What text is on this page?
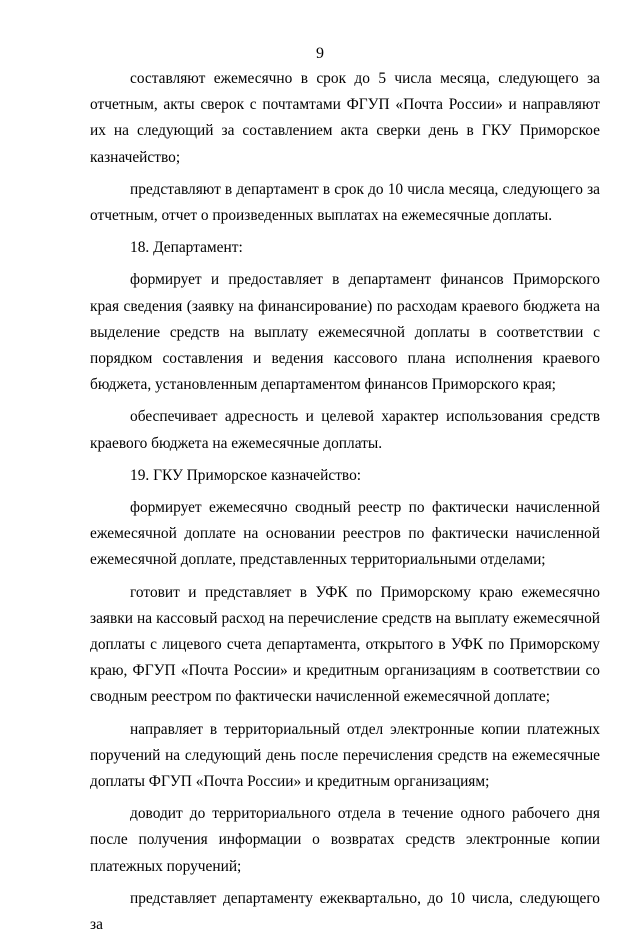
9

составляют ежемесячно в срок до 5 числа месяца, следующего за отчетным, акты сверок с почтамтами ФГУП «Почта России» и направляют их на следующий за составлением акта сверки день в ГКУ Приморское казначейство;

представляют в департамент в срок до 10 числа месяца, следующего за отчетным, отчет о произведенных выплатах на ежемесячные доплаты.

18. Департамент:

формирует и предоставляет в департамент финансов Приморского края сведения (заявку на финансирование) по расходам краевого бюджета на выделение средств на выплату ежемесячной доплаты в соответствии с порядком составления и ведения кассового плана исполнения краевого бюджета, установленным департаментом финансов Приморского края;

обеспечивает адресность и целевой характер использования средств краевого бюджета на ежемесячные доплаты.

19. ГКУ Приморское казначейство:

формирует ежемесячно сводный реестр по фактически начисленной ежемесячной доплате на основании реестров по фактически начисленной ежемесячной доплате, представленных территориальными отделами;

готовит и представляет в УФК по Приморскому краю ежемесячно заявки на кассовый расход на перечисление средств на выплату ежемесячной доплаты с лицевого счета департамента, открытого в УФК по Приморскому краю, ФГУП «Почта России» и кредитным организациям в соответствии со сводным реестром по фактически начисленной ежемесячной доплате;

направляет в территориальный отдел электронные копии платежных поручений на следующий день после перечисления средств на ежемесячные доплаты ФГУП «Почта России» и кредитным организациям;

доводит до территориального отдела в течение одного рабочего дня после получения информации о возвратах средств электронные копии платежных поручений;

представляет департаменту ежеквартально, до 10 числа, следующего за
